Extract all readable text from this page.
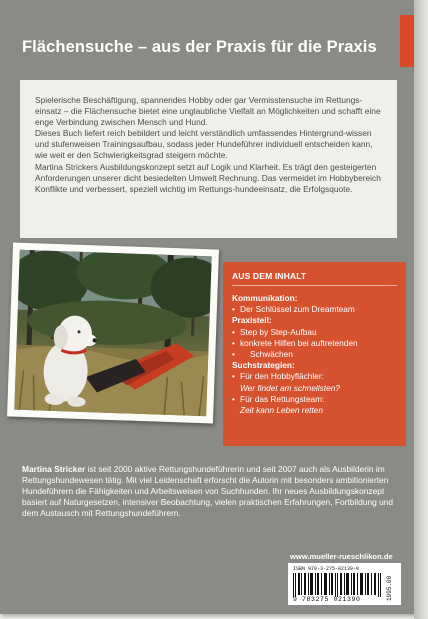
Flächensuche – aus der Praxis für die Praxis

Spielerische Beschäftigung, spannendes Hobby oder gar Vermisstensuche im Rettungs-einsatz – die Flächensuche bietet eine unglaubliche Vielfalt an Möglichkeiten und schafft eine enge Verbindung zwischen Mensch und Hund.

Dieses Buch liefert reich bebildert und leicht verständlich umfassendes Hintergrund-wissen und stufenweisen Trainingsaufbau, sodass jeder Hundeführer individuell entscheiden kann, wie weit er den Schwierigkeitsgrad steigern möchte.

Martina Strickers Ausbildungskonzept setzt auf Logik und Klarheit. Es trägt den gesteigerten Anforderungen unserer dicht besiedelten Umwelt Rechnung. Das vermeidet im Hobbybereich Konflikte und verbessert, speziell wichtig im Rettungs-hundeeinsatz, die Erfolgsquote.

AUS DEM INHALT
Kommunikation:
• Der Schlüssel zum Dreamteam
Praxisteil:
• Step by Step-Aufbau
• konkrete Hilfen bei auftretenden
• Schwächen
Suchstrategien:
• Für den Hobbyflächler:
Wer findet am schnellsten?
• Für das Rettungsteam:
Zeit kann Leben retten
Martina Stricker ist seit 2000 aktive Rettungshundeführerin und seit 2007 auch als Ausbilderin im Rettungshundewesen tätig. Mit viel Leidenschaft erforscht die Autorin mit besonders ambitionierten Hundeführern die Fähigkeiten und Arbeitsweisen von Suchhunden. Ihr neues Ausbildungskonzept basiert auf Naturgesetzen, intensiver Beobachtung, vielen praktischen Erfahrungen, Fortbildung und dem Austausch mit Rettungshundeführern.
www.mueller-rueschlikon.de
ISBN 978-3-275-02139-0
9 783275 021390	1995.00
